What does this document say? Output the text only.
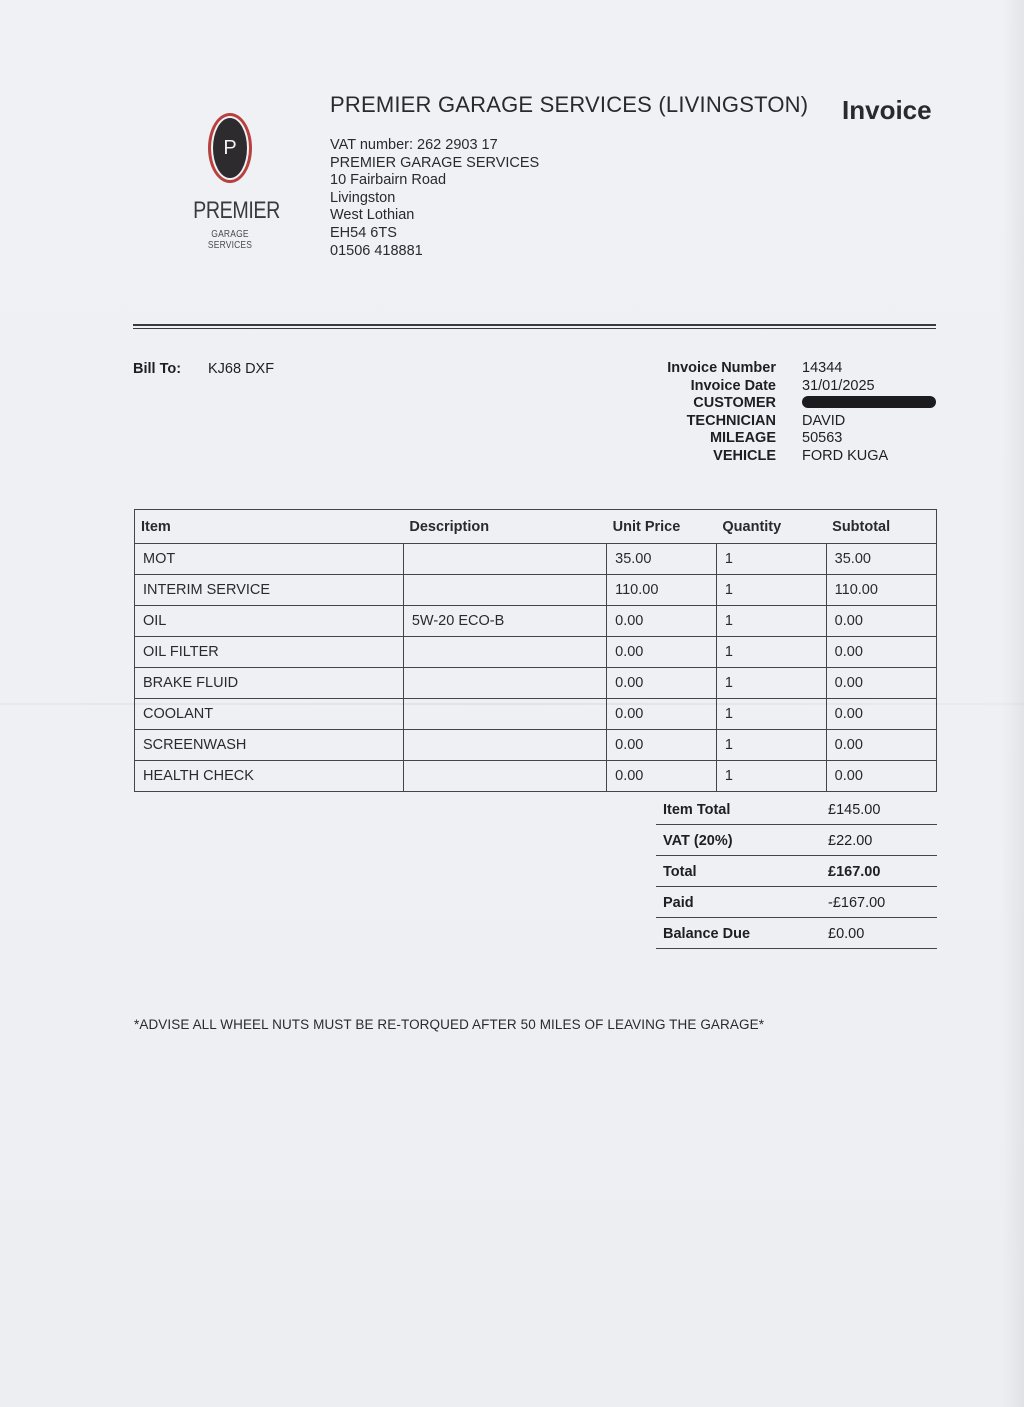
P
PREMIER
GARAGE SERVICES
PREMIER GARAGE SERVICES (LIVINGSTON) Invoice
VAT number: 262 2903 17
PREMIER GARAGE SERVICES
10 Fairbairn Road
Livingston
West Lothian
EH54 6TS
01506 418881
Bill To: KJ68 DXF	Invoice Number 14344
Invoice Date 31/01/2025
CUSTOMER
TECHNICIAN DAVID
MILEAGE 50563
VEHICLE FORD KUGA
Item	Description	Unit Price	Quantity	Subtotal
MOT		35.00	1	35.00
INTERIM SERVICE		110.00	1	110.00
OIL	5W-20 ECO-B	0.00	1	0.00
OIL FILTER		0.00	1	0.00
BRAKE FLUID		0.00	1	0.00
COOLANT		0.00	1	0.00
SCREENWASH		0.00	1	0.00
HEALTH CHECK		0.00	1	0.00
Item Total	£145.00
VAT (20%)	£22.00
Total	£167.00
Paid	-£167.00
Balance Due	£0.00
*ADVISE ALL WHEEL NUTS MUST BE RE-TORQUED AFTER 50 MILES OF LEAVING THE GARAGE*
